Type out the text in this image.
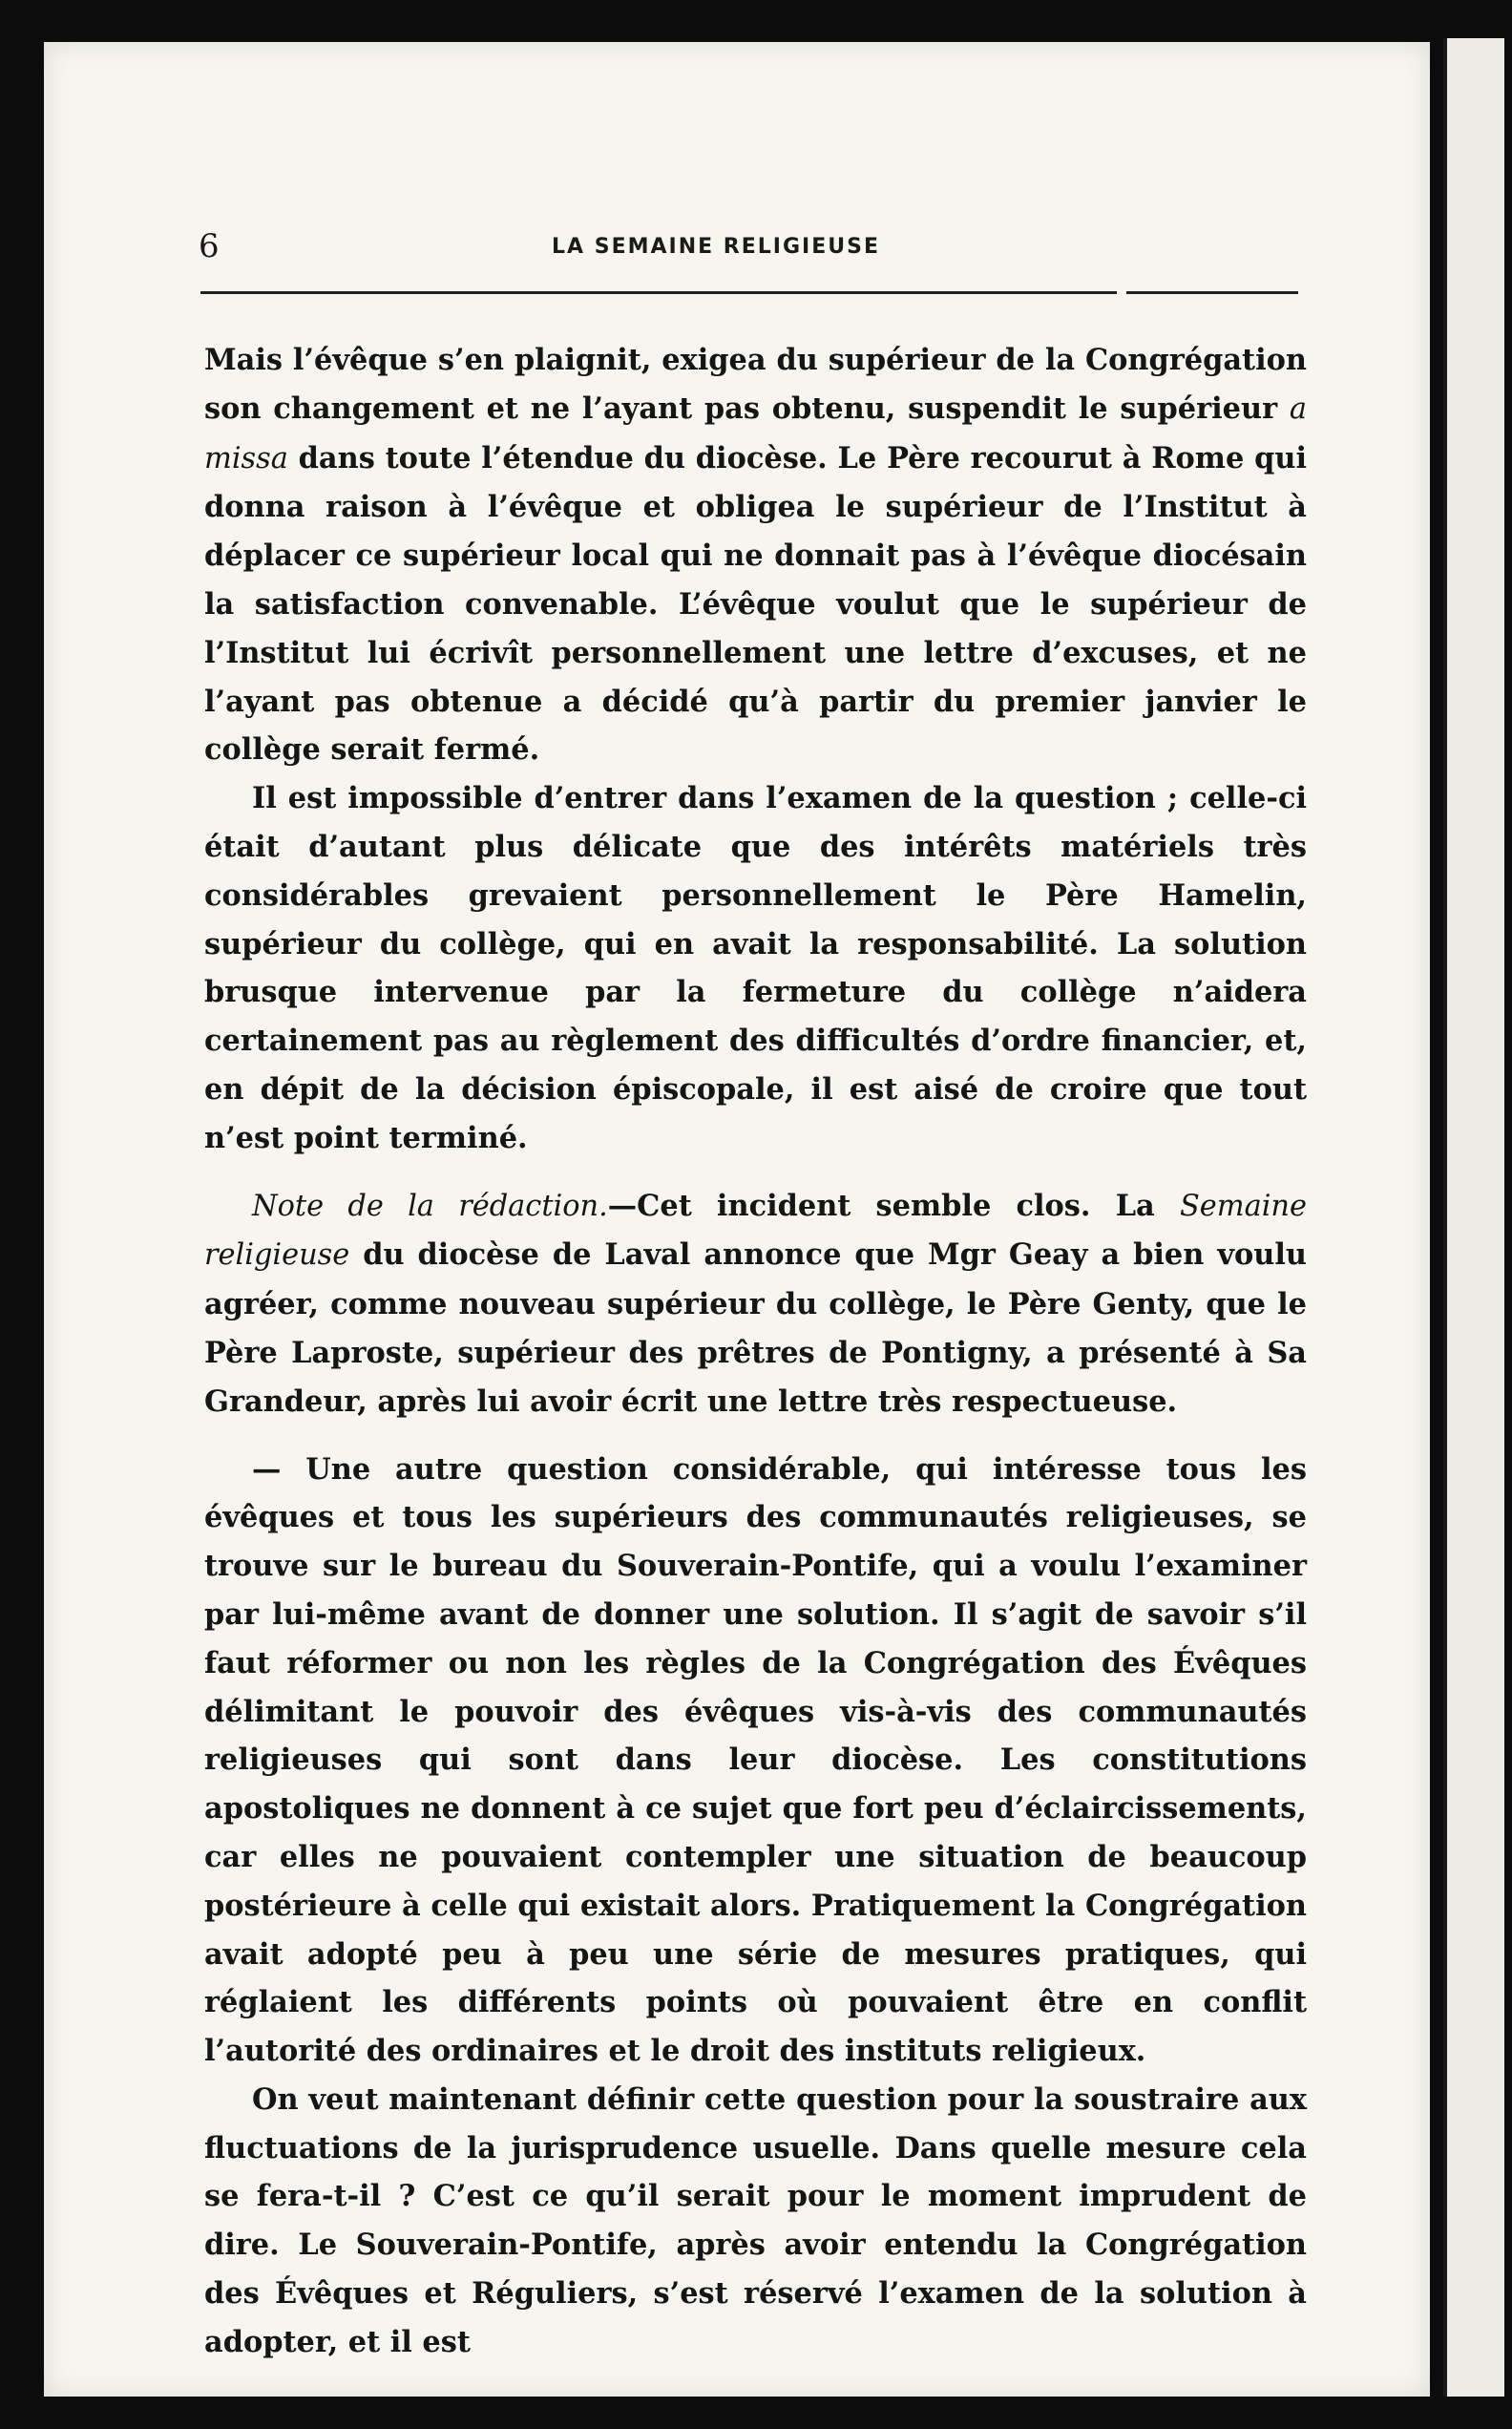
6	LA SEMAINE RELIGIEUSE

Mais l’évêque s’en plaignit, exigea du supérieur de la Congrégation son changement et ne l’ayant pas obtenu, suspendit le supérieur a missa dans toute l’étendue du diocèse. Le Père recourut à Rome qui donna raison à l’évêque et obligea le supérieur de l’Institut à déplacer ce supérieur local qui ne donnait pas à l’évêque diocésain la satisfaction convenable. L’évêque voulut que le supérieur de l’Institut lui écrivît personnellement une lettre d’excuses, et ne l’ayant pas obtenue a décidé qu’à partir du premier janvier le collège serait fermé.

Il est impossible d’entrer dans l’examen de la question ; celle-ci était d’autant plus délicate que des intérêts matériels très considérables grevaient personnellement le Père Hamelin, supérieur du collège, qui en avait la responsabilité. La solution brusque intervenue par la fermeture du collège n’aidera certainement pas au règlement des difficultés d’ordre financier, et, en dépit de la décision épiscopale, il est aisé de croire que tout n’est point terminé.

Note de la rédaction.—Cet incident semble clos. La Semaine religieuse du diocèse de Laval annonce que Mgr Geay a bien voulu agréer, comme nouveau supérieur du collège, le Père Genty, que le Père Laproste, supérieur des prêtres de Pontigny, a présenté à Sa Grandeur, après lui avoir écrit une lettre très respectueuse.

— Une autre question considérable, qui intéresse tous les évêques et tous les supérieurs des communautés religieuses, se trouve sur le bureau du Souverain-Pontife, qui a voulu l’examiner par lui-même avant de donner une solution. Il s’agit de savoir s’il faut réformer ou non les règles de la Congrégation des Évêques délimitant le pouvoir des évêques vis-à-vis des communautés religieuses qui sont dans leur diocèse. Les constitutions apostoliques ne donnent à ce sujet que fort peu d’éclaircissements, car elles ne pouvaient contempler une situation de beaucoup postérieure à celle qui existait alors. Pratiquement la Congrégation avait adopté peu à peu une série de mesures pratiques, qui réglaient les différents points où pouvaient être en conflit l’autorité des ordinaires et le droit des instituts religieux.

On veut maintenant définir cette question pour la soustraire aux fluctuations de la jurisprudence usuelle. Dans quelle mesure cela se fera-t-il ? C’est ce qu’il serait pour le moment imprudent de dire. Le Souverain-Pontife, après avoir entendu la Congrégation des Évêques et Réguliers, s’est réservé l’examen de la solution à adopter, et il est
